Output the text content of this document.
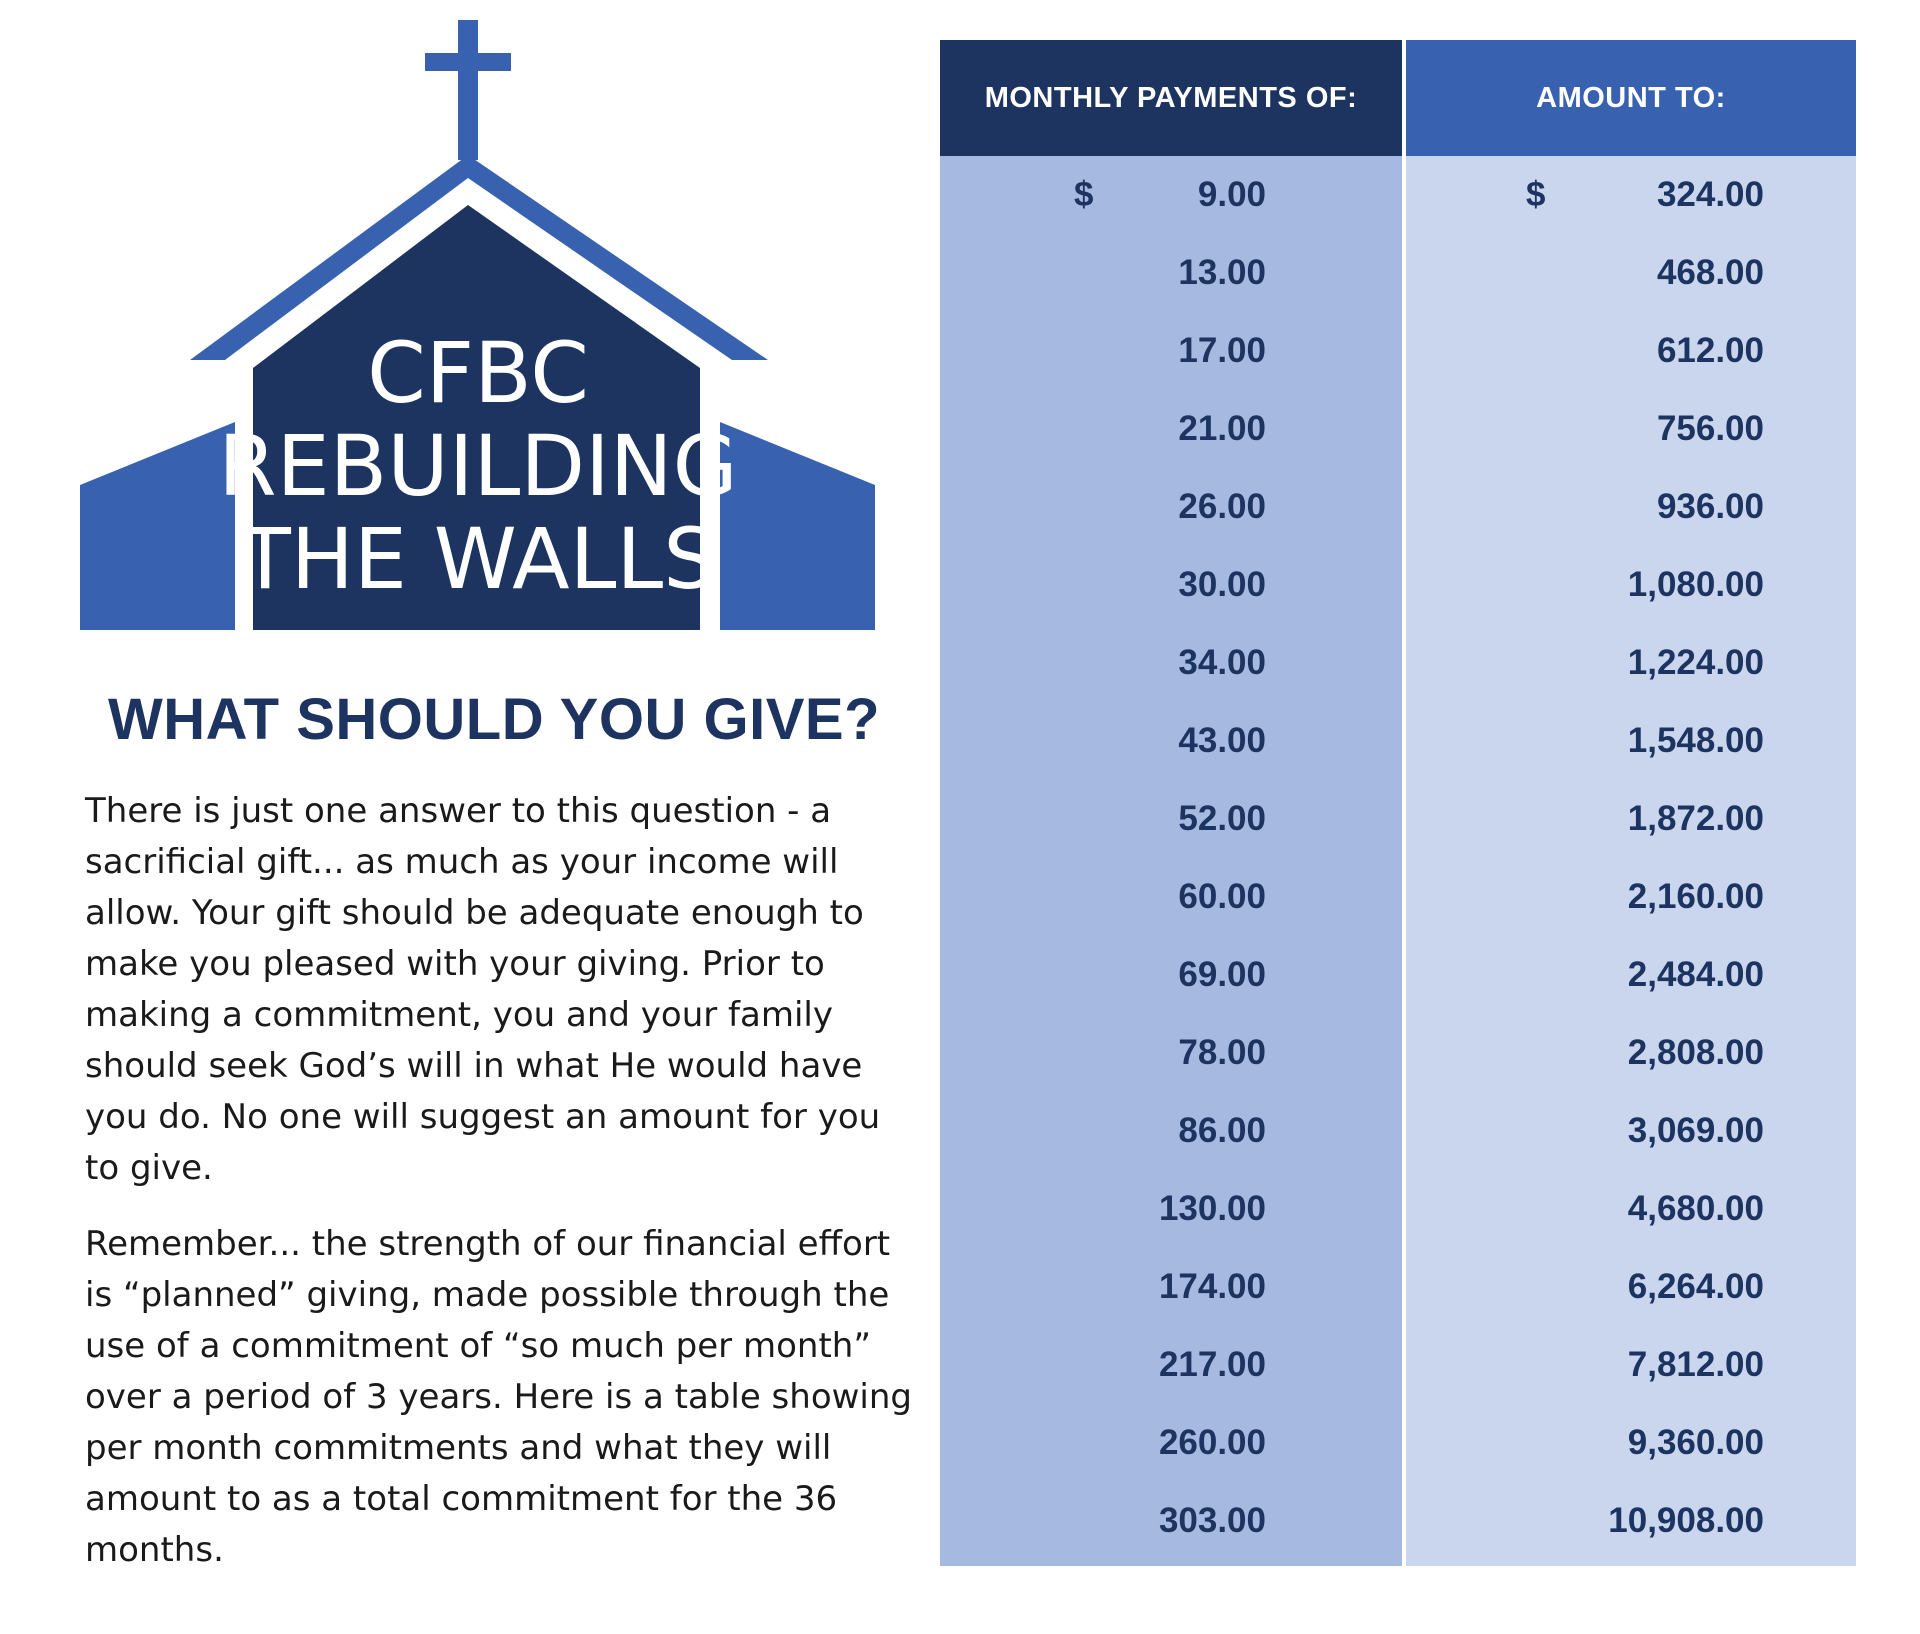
CFBC
REBUILDING
THE WALLS
WHAT SHOULD YOU GIVE?

There is just one answer to this question - a sacrificial gift... as much as your income will allow. Your gift should be adequate enough to make you pleased with your giving. Prior to making a commitment, you and your family should seek God’s will in what He would have you do. No one will suggest an amount for you to give.

Remember... the strength of our financial effort is “planned” giving, made possible through the use of a commitment of “so much per month” over a period of 3 years. Here is a table showing per month commitments and what they will amount to as a total commitment for the 36 months.

MONTHLY PAYMENTS OF:
$	9.00
13.00
17.00
21.00
26.00
30.00
34.00
43.00
52.00
60.00
69.00
78.00
86.00
130.00
174.00
217.00
260.00
303.00
AMOUNT TO:
$	324.00
468.00
612.00
756.00
936.00
1,080.00
1,224.00
1,548.00
1,872.00
2,160.00
2,484.00
2,808.00
3,069.00
4,680.00
6,264.00
7,812.00
9,360.00
10,908.00
